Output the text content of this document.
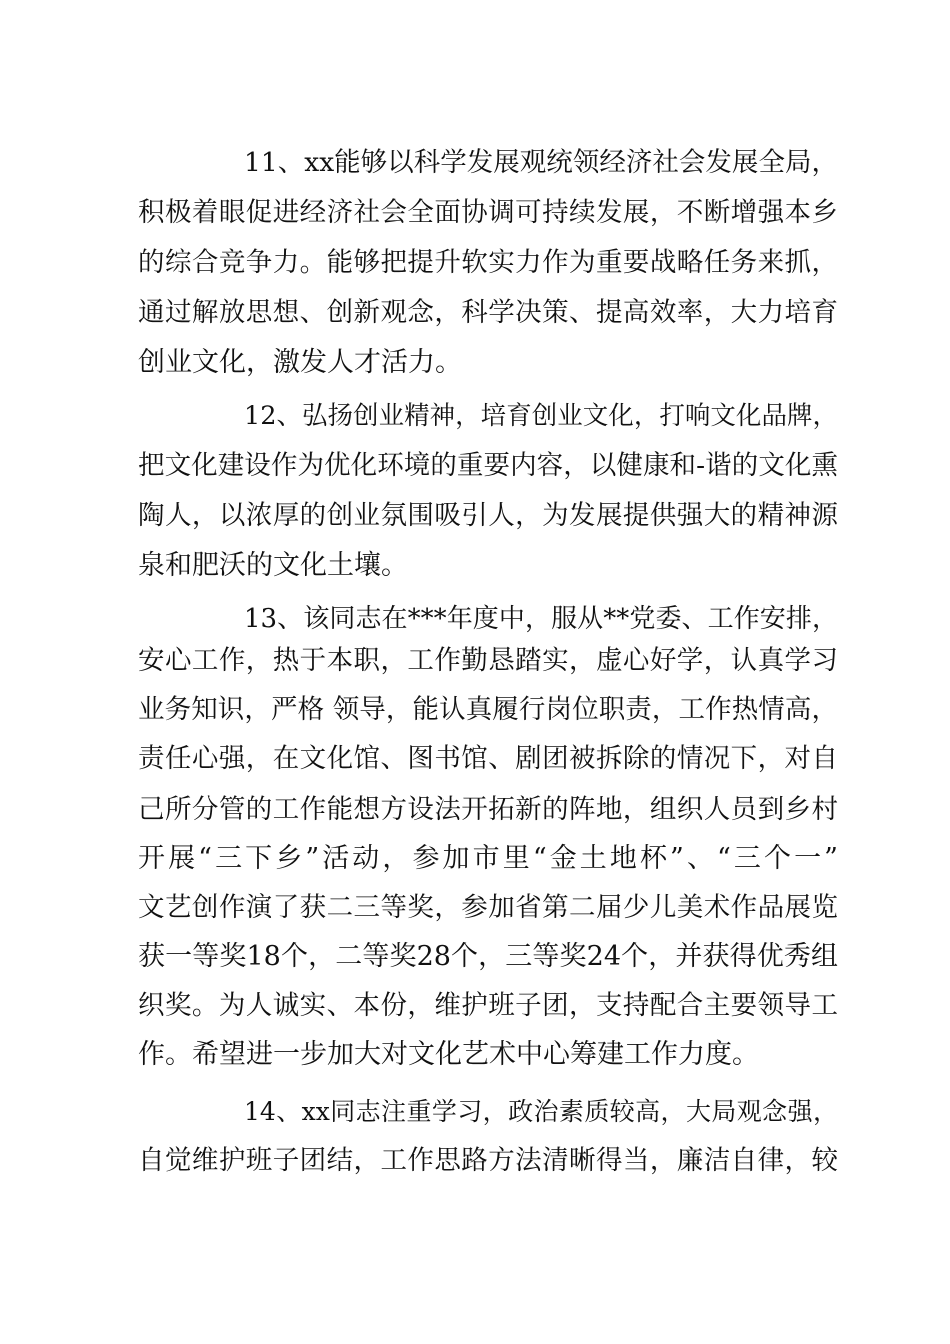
11、xx能够以科学发展观统领经济社会发展全局，
积极着眼促进经济社会全面协调可持续发展，不断增强本乡
的综合竞争力。能够把提升软实力作为重要战略任务来抓，
通过解放思想、创新观念，科学决策、提高效率，大力培育
创业文化，激发人才活力。
12、弘扬创业精神，培育创业文化，打响文化品牌，
把文化建设作为优化环境的重要内容，以健康和-谐的文化熏
陶人，以浓厚的创业氛围吸引人，为发展提供强大的精神源
泉和肥沃的文化土壤。
13、该同志在***年度中，服从**党委、工作安排，
安心工作，热于本职，工作勤恳踏实，虚心好学，认真学习
业务知识，严格 领导，能认真履行岗位职责，工作热情高，
责任心强，在文化馆、图书馆、剧团被拆除的情况下，对自
己所分管的工作能想方设法开拓新的阵地，组织人员到乡村
开展“三下乡”活动，参加市里“金土地杯”、“三个一”
文艺创作演了获二三等奖，参加省第二届少儿美术作品展览
获一等奖18个，二等奖28个，三等奖24个，并获得优秀组
织奖。为人诚实、本份，维护班子团，支持配合主要领导工
作。希望进一步加大对文化艺术中心筹建工作力度。
14、xx同志注重学习，政治素质较高，大局观念强，
自觉维护班子团结，工作思路方法清晰得当，廉洁自律，较
